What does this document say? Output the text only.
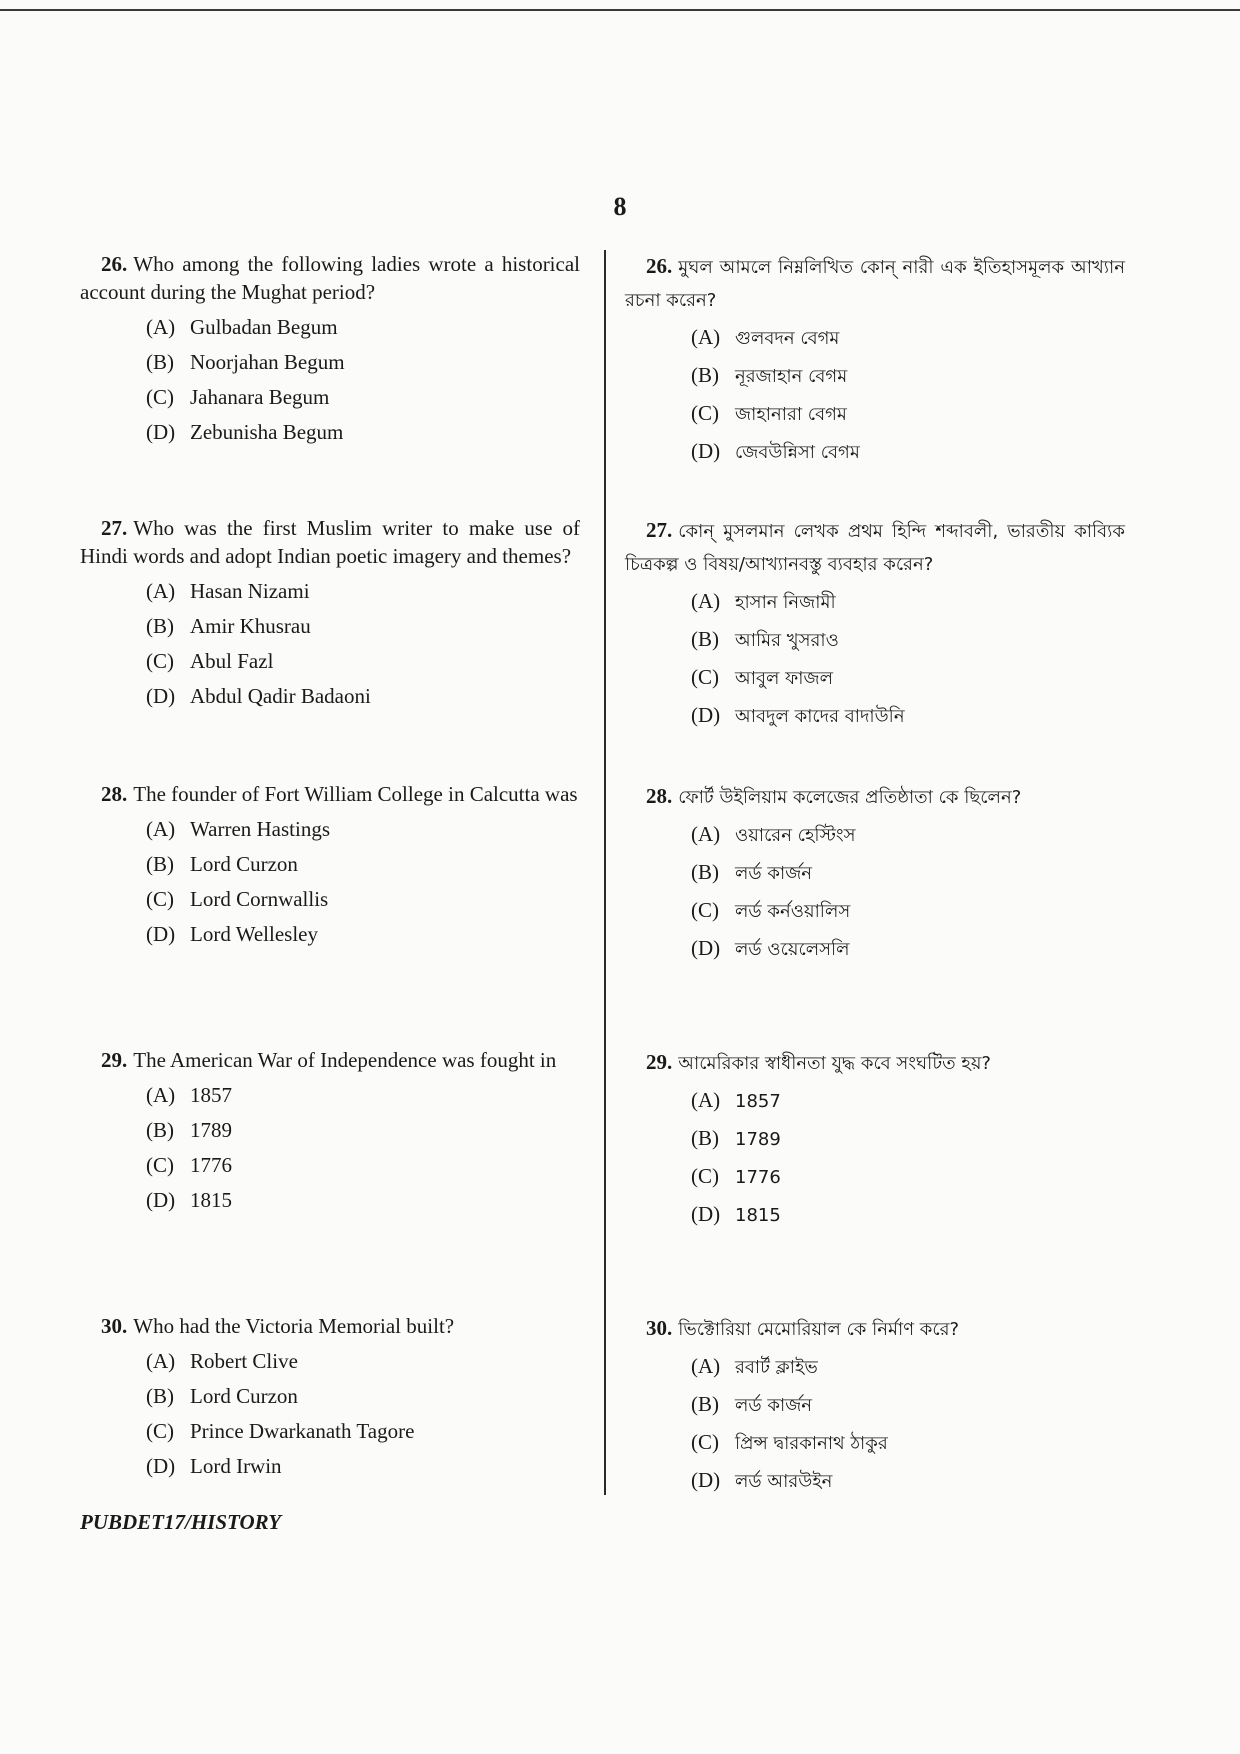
8

26. Who among the following ladies wrote a historical account during the Mughat period?

(A) Gulbadan Begum
(B) Noorjahan Begum
(C) Jahanara Begum
(D) Zebunisha Begum

27. Who was the first Muslim writer to make use of Hindi words and adopt Indian poetic imagery and themes?

(A) Hasan Nizami
(B) Amir Khusrau
(C) Abul Fazl
(D) Abdul Qadir Badaoni

28. The founder of Fort William College in Calcutta was

(A) Warren Hastings
(B) Lord Curzon
(C) Lord Cornwallis
(D) Lord Wellesley

29. The American War of Independence was fought in

(A) 1857
(B) 1789
(C) 1776
(D) 1815

30. Who had the Victoria Memorial built?

(A) Robert Clive
(B) Lord Curzon
(C) Prince Dwarkanath Tagore
(D) Lord Irwin

26. মুঘল আমলে নিম্নলিখিত কোন্ নারী এক ইতিহাসমূলক আখ্যান রচনা করেন?

(A) গুলবদন বেগম
(B) নূরজাহান বেগম
(C) জাহানারা বেগম
(D) জেবউন্নিসা বেগম

27. কোন্ মুসলমান লেখক প্রথম হিন্দি শব্দাবলী, ভারতীয় কাব্যিক চিত্রকল্প ও বিষয়/আখ্যানবস্তু ব্যবহার করেন?

(A) হাসান নিজামী
(B) আমির খুসরাও
(C) আবুল ফাজল
(D) আবদুল কাদের বাদাউনি

28. ফোর্ট উইলিয়াম কলেজের প্রতিষ্ঠাতা কে ছিলেন?

(A) ওয়ারেন হেস্টিংস
(B) লর্ড কার্জন
(C) লর্ড কর্নওয়ালিস
(D) লর্ড ওয়েলেসলি

29. আমেরিকার স্বাধীনতা যুদ্ধ কবে সংঘটিত হয়?

(A) 1857
(B) 1789
(C) 1776
(D) 1815

30. ভিক্টোরিয়া মেমোরিয়াল কে নির্মাণ করে?

(A) রবার্ট ক্লাইভ
(B) লর্ড কার্জন
(C) প্রিন্স দ্বারকানাথ ঠাকুর
(D) লর্ড আরউইন
PUBDET17/HISTORY
